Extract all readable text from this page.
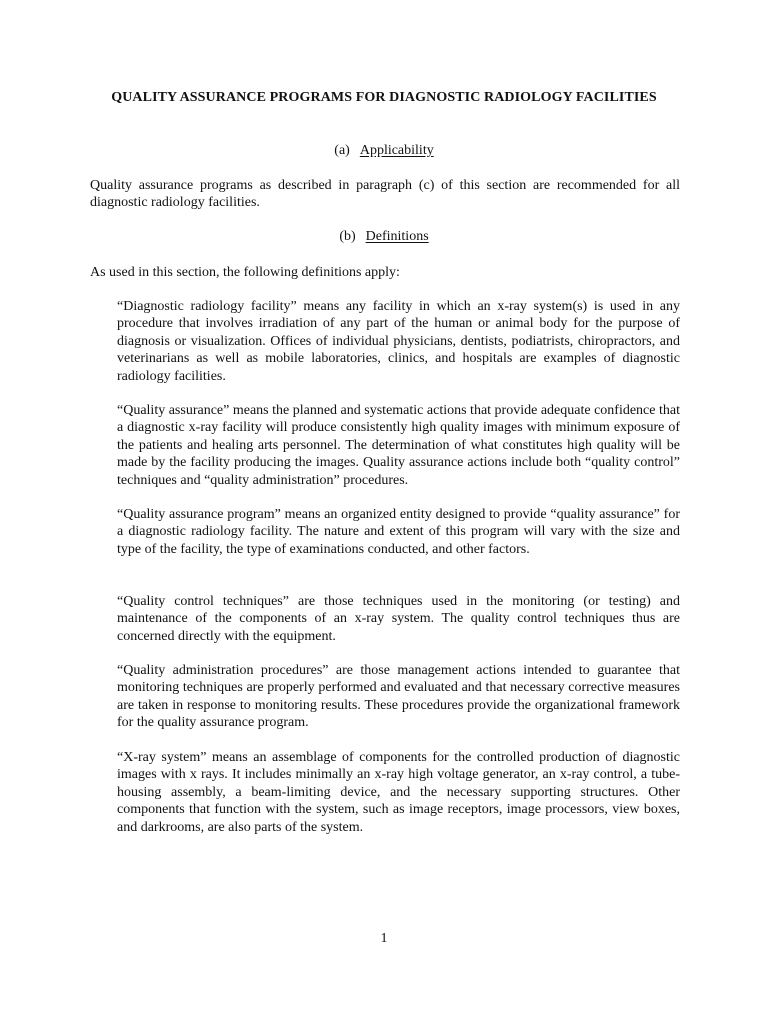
QUALITY ASSURANCE PROGRAMS FOR DIAGNOSTIC RADIOLOGY FACILITIES

(a) Applicability

Quality assurance programs as described in paragraph (c) of this section are recommended for all diagnostic radiology facilities.

(b) Definitions

As used in this section, the following definitions apply:

“Diagnostic radiology facility” means any facility in which an x-ray system(s) is used in any procedure that involves irradiation of any part of the human or animal body for the purpose of diagnosis or visualization. Offices of individual physicians, dentists, podiatrists, chiropractors, and veterinarians as well as mobile laboratories, clinics, and hospitals are examples of diagnostic radiology facilities.

“Quality assurance” means the planned and systematic actions that provide adequate confidence that a diagnostic x-ray facility will produce consistently high quality images with minimum exposure of the patients and healing arts personnel. The determination of what constitutes high quality will be made by the facility producing the images. Quality assurance actions include both “quality control” techniques and “quality administration” procedures.

“Quality assurance program” means an organized entity designed to provide “quality assurance” for a diagnostic radiology facility. The nature and extent of this program will vary with the size and type of the facility, the type of examinations conducted, and other factors.

“Quality control techniques” are those techniques used in the monitoring (or testing) and maintenance of the components of an x-ray system. The quality control techniques thus are concerned directly with the equipment.

“Quality administration procedures” are those management actions intended to guarantee that monitoring techniques are properly performed and evaluated and that necessary corrective measures are taken in response to monitoring results. These procedures provide the organizational framework for the quality assurance program.

“X-ray system” means an assemblage of components for the controlled production of diagnostic images with x rays. It includes minimally an x-ray high voltage generator, an x-ray control, a tube-housing assembly, a beam-limiting device, and the necessary supporting structures. Other components that function with the system, such as image receptors, image processors, view boxes, and darkrooms, are also parts of the system.

1
